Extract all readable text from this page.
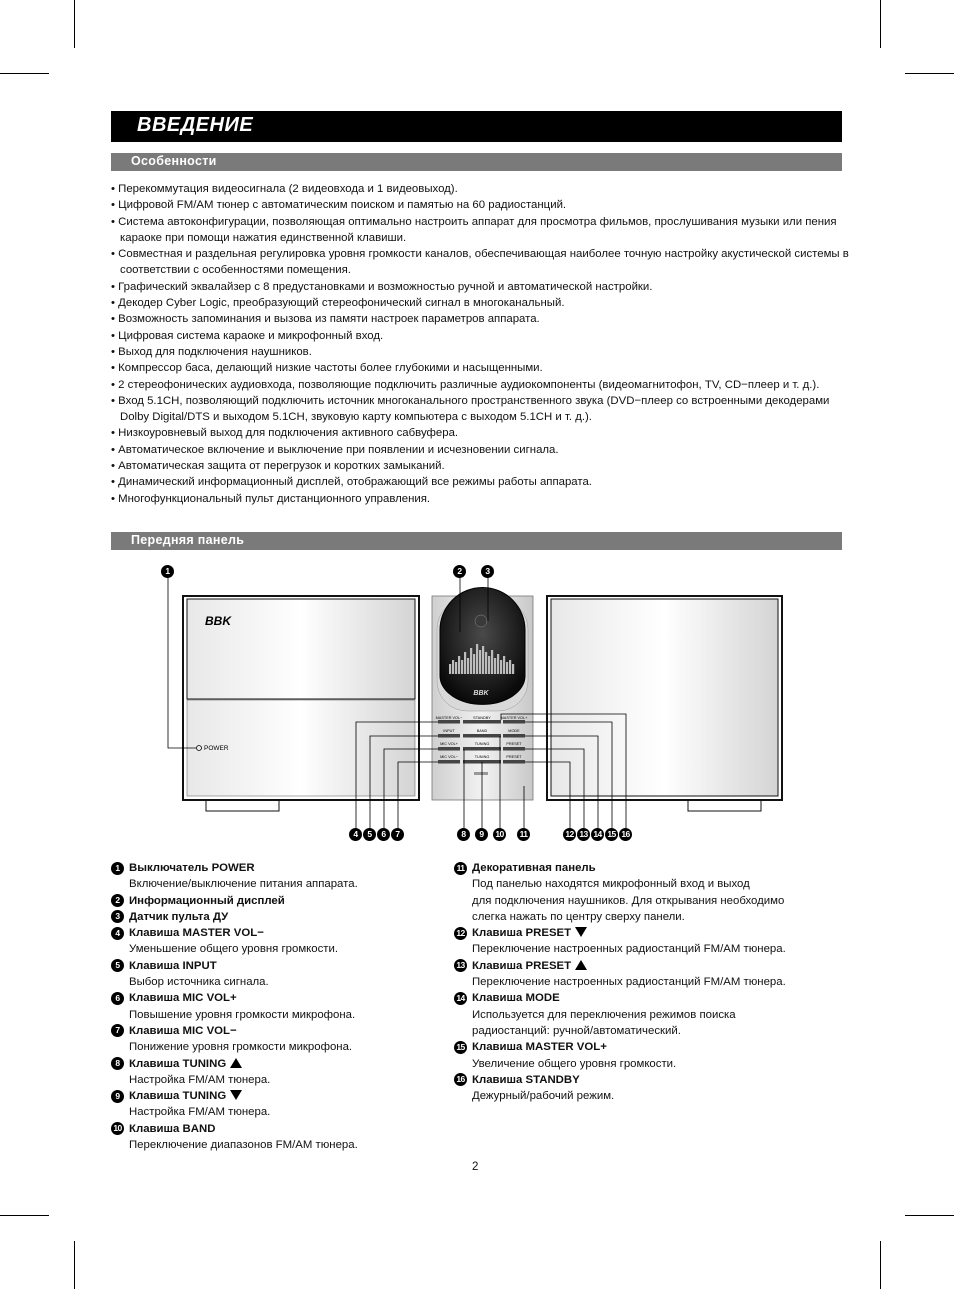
ВВЕДЕНИЕ
Особенности
• Перекоммутация видеосигнала (2 видеовхода и 1 видеовыход).
• Цифровой FM/AM тюнер с автоматическим поиском и памятью на 60 радиостанций.
• Система автоконфигурации, позволяющая оптимально настроить аппарат для просмотра фильмов, прослушивания музыки или пения караоке при помощи нажатия единственной клавиши.
• Совместная и раздельная регулировка уровня громкости каналов, обеспечивающая наиболее точную настройку акустической системы в соответствии с особенностями помещения.
• Графический эквалайзер с 8 предустановками и возможностью ручной и автоматической настройки.
• Декодер Cyber Logic, преобразующий стереофонический сигнал в многоканальный.
• Возможность запоминания и вызова из памяти настроек параметров аппарата.
• Цифровая система караоке и микрофонный вход.
• Выход для подключения наушников.
• Компрессор баса, делающий низкие частоты более глубокими и насыщенными.
• 2 стереофонических аудиовхода, позволяющие подключить различные аудиокомпоненты (видеомагнитофон, TV, CD−плеер и т. д.).
• Вход 5.1CH, позволяющий подключить источник многоканального пространственного звука (DVD−плеер со встроенными декодерами Dolby Digital/DTS и выходом 5.1CH, звуковую карту компьютера с выходом 5.1CH и т. д.).
• Низкоуровневый выход для подключения активного сабвуфера.
• Автоматическое включение и выключение при появлении и исчезновении сигнала.
• Автоматическая защита от перегрузок и коротких замыканий.
• Динамический информационный дисплей, отображающий все режимы работы аппарата.
• Многофункциональный пульт дистанционного управления.
Передняя панель
BBK
POWER
BBK
STANDBY
MASTER VOL−	MASTER VOL+
INPUT	BAND	MODE
MIC VOL+	TUNING	PRESET
MIC VOL−	TUNING	PRESET
1	2	3
4	5	6	7	8	9	10	11	12 13 14 15 16
1 Выключатель POWER
Включение/выключение питания аппарата.
2 Информационный дисплей
3 Датчик пульта ДУ
4 Клавиша MASTER VOL−
Уменьшение общего уровня громкости.
5 Клавиша INPUT
Выбор источника сигнала.
6 Клавиша MIC VOL+
Повышение уровня громкости микрофона.
7 Клавиша MIC VOL−
Понижение уровня громкости микрофона.
8 Клавиша TUNING
Настройка FM/AM тюнера.
9 Клавиша TUNING
Настройка FM/AM тюнера.
10 Клавиша BAND
Переключение диапазонов FM/AM тюнера.
11 Декоративная панель
Под панелью находятся микрофонный вход и выход
для подключения наушников. Для открывания необходимо
слегка нажать по центру сверху панели.
12 Клавиша PRESET
Переключение настроенных радиостанций FM/AM тюнера.
13 Клавиша PRESET
Переключение настроенных радиостанций FM/AM тюнера.
14 Клавиша MODE
Используется для переключения режимов поиска
радиостанций: ручной/автоматический.
15 Клавиша MASTER VOL+
Увеличение общего уровня громкости.
16 Клавиша STANDBY
Дежурный/рабочий режим.
2
